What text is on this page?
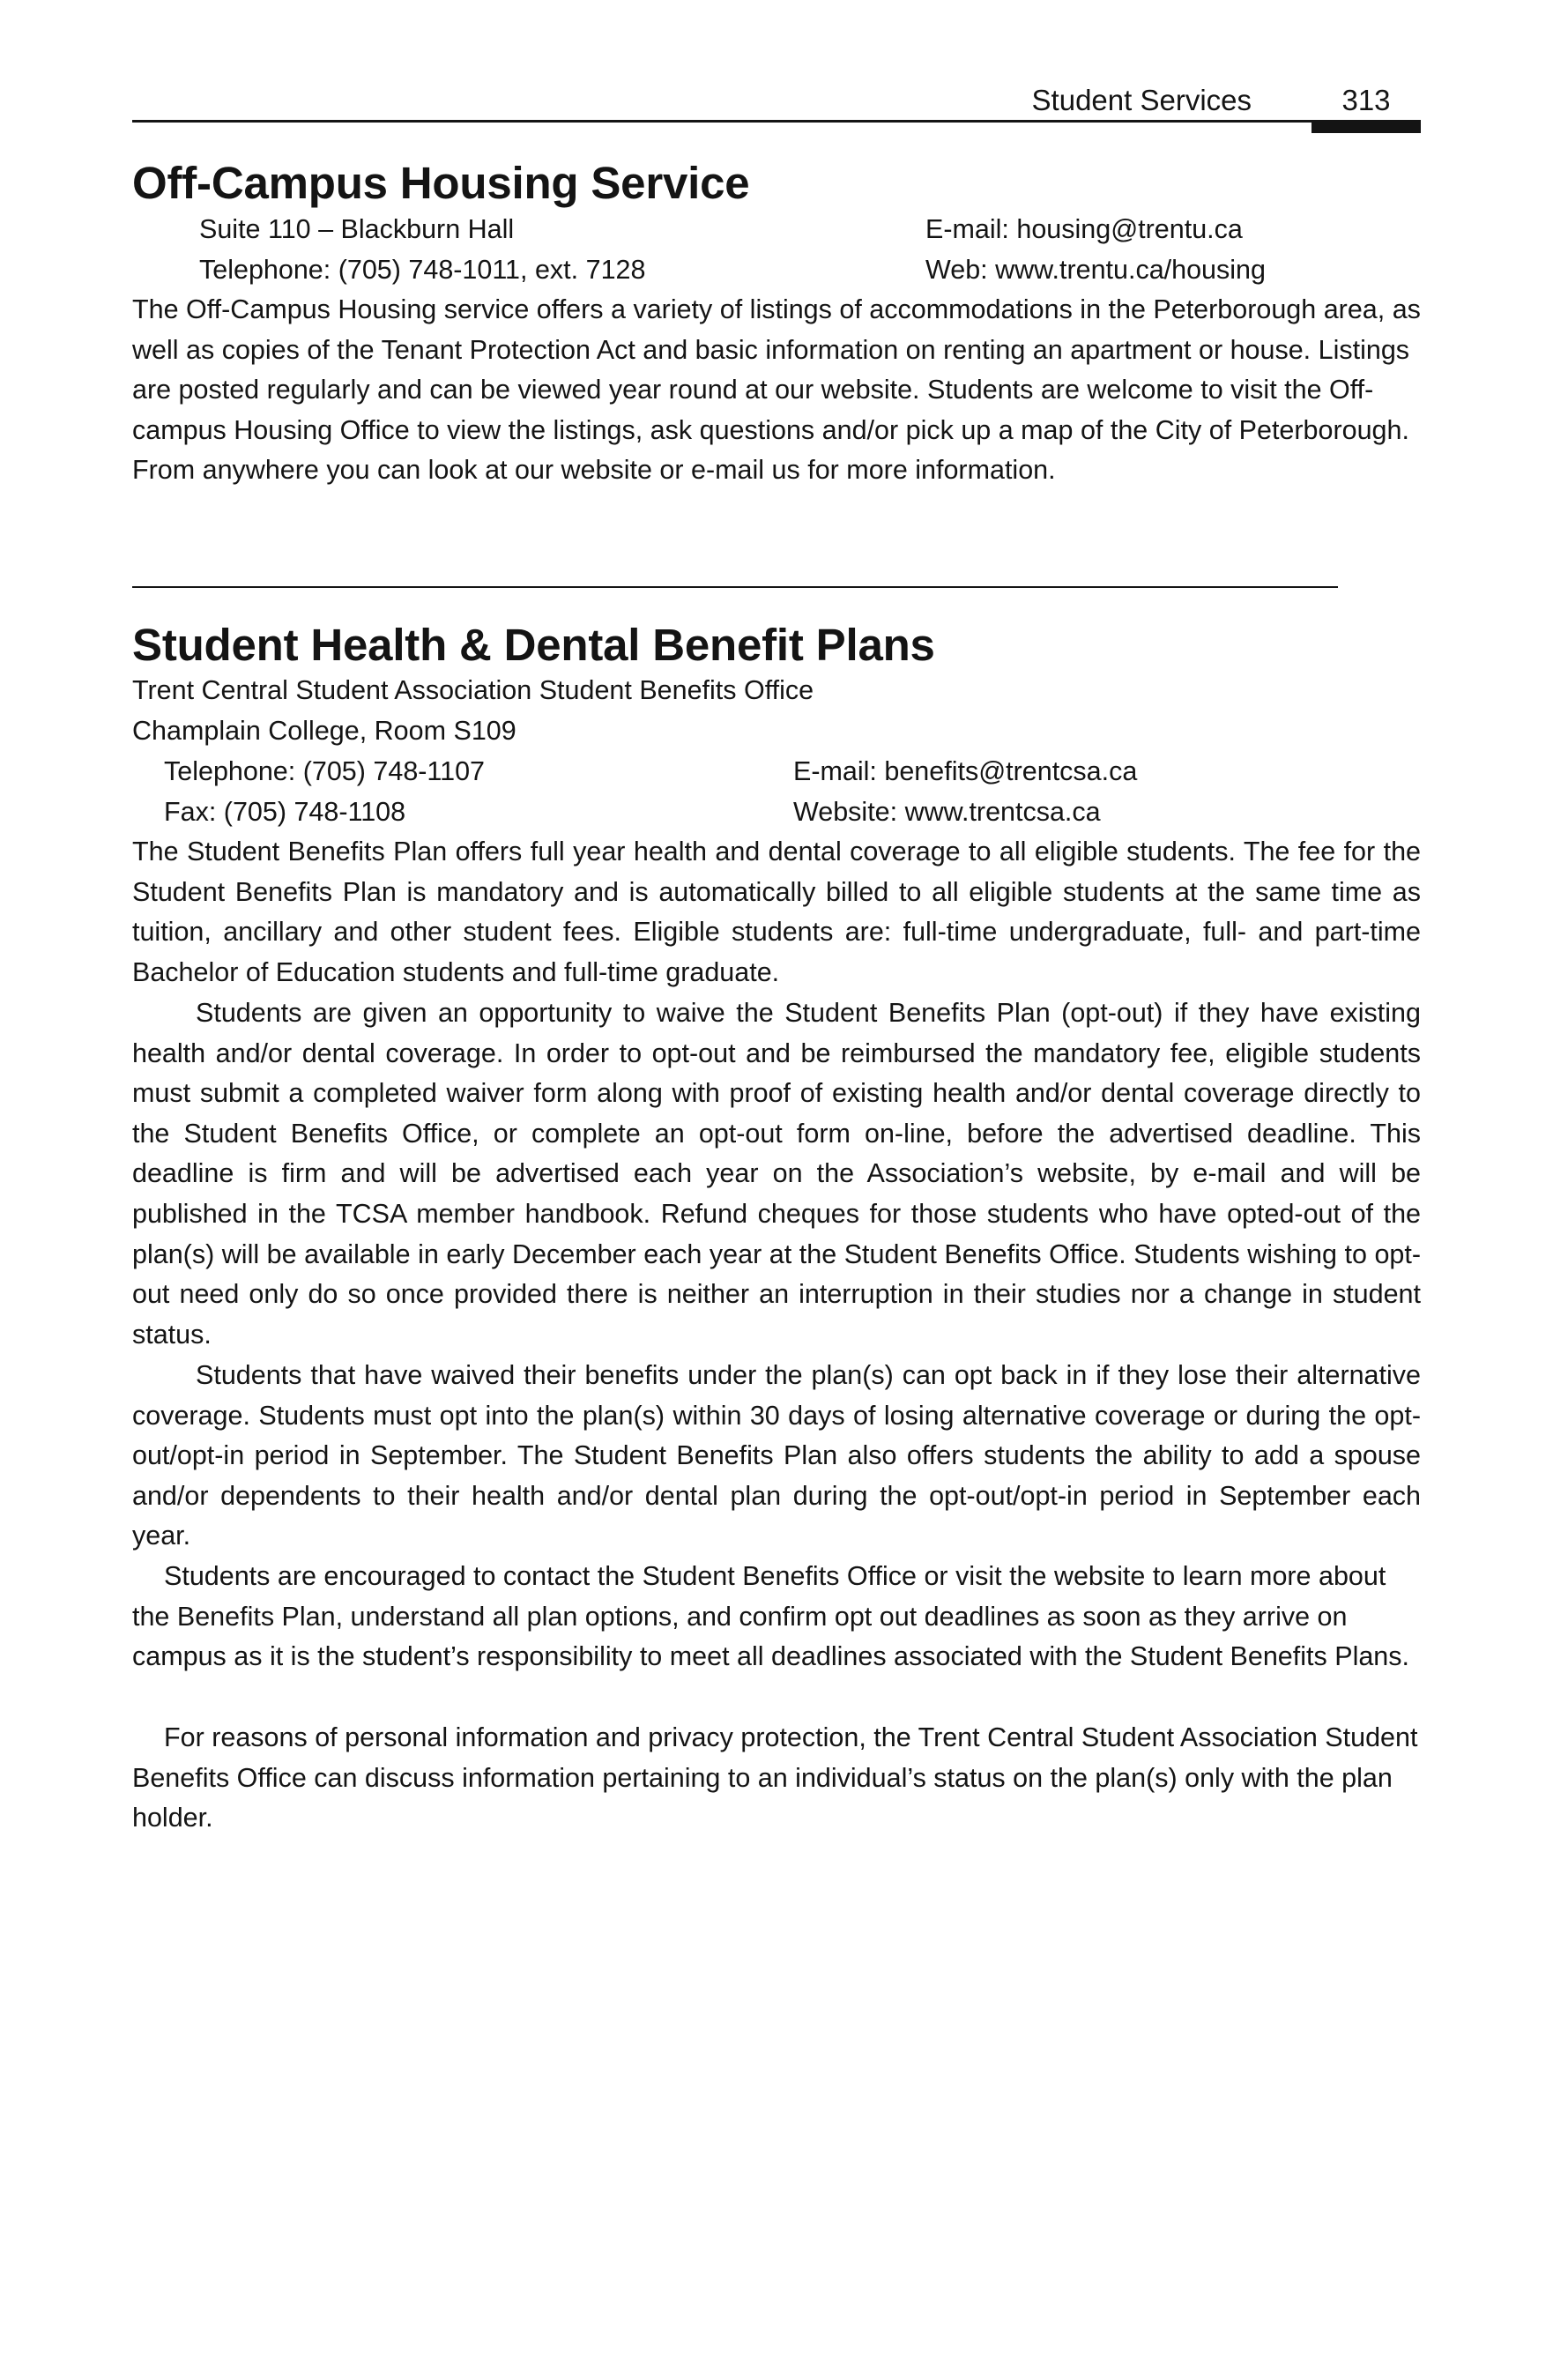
Student Services	313
Off-Campus Housing Service
Suite 110 – Blackburn Hall	E-mail: housing@trentu.ca
Telephone: (705) 748-1011, ext. 7128	Web: www.trentu.ca/housing

The Off-Campus Housing service offers a variety of listings of accommodations in the Peterborough area, as well as copies of the Tenant Protection Act and basic information on renting an apartment or house. Listings are posted regularly and can be viewed year round at our website. Students are welcome to visit the Off-campus Housing Office to view the listings, ask questions and/or pick up a map of the City of Peterborough. From anywhere you can look at our website or e-mail us for more information.

Student Health & Dental Benefit Plans
Trent Central Student Association Student Benefits Office
Champlain College, Room S109
Telephone: (705) 748-1107	E-mail: benefits@trentcsa.ca
Fax: (705) 748-1108	Website: www.trentcsa.ca

The Student Benefits Plan offers full year health and dental coverage to all eligible students. The fee for the Student Benefits Plan is mandatory and is automatically billed to all eligible students at the same time as tuition, ancillary and other student fees. Eligible students are: full-time undergraduate, full- and part-time Bachelor of Education students and full-time graduate.

Students are given an opportunity to waive the Student Benefits Plan (opt-out) if they have existing health and/or dental coverage. In order to opt-out and be reimbursed the mandatory fee, eligible students must submit a completed waiver form along with proof of existing health and/or dental coverage directly to the Student Benefits Office, or complete an opt-out form on-line, before the advertised deadline. This deadline is firm and will be advertised each year on the Association’s website, by e-mail and will be published in the TCSA member handbook. Refund cheques for those students who have opted-out of the plan(s) will be available in early December each year at the Student Benefits Office. Students wishing to opt-out need only do so once provided there is neither an interruption in their studies nor a change in student status.

Students that have waived their benefits under the plan(s) can opt back in if they lose their alternative coverage. Students must opt into the plan(s) within 30 days of losing alternative coverage or during the opt-out/opt-in period in September. The Student Benefits Plan also offers students the ability to add a spouse and/or dependents to their health and/or dental plan during the opt-out/opt-in period in September each year.

Students are encouraged to contact the Student Benefits Office or visit the website to learn more about the Benefits Plan, understand all plan options, and confirm opt out deadlines as soon as they arrive on campus as it is the student’s responsibility to meet all deadlines associated with the Student Benefits Plans.

For reasons of personal information and privacy protection, the Trent Central Student Association Student Benefits Office can discuss information pertaining to an individual’s status on the plan(s) only with the plan holder.
